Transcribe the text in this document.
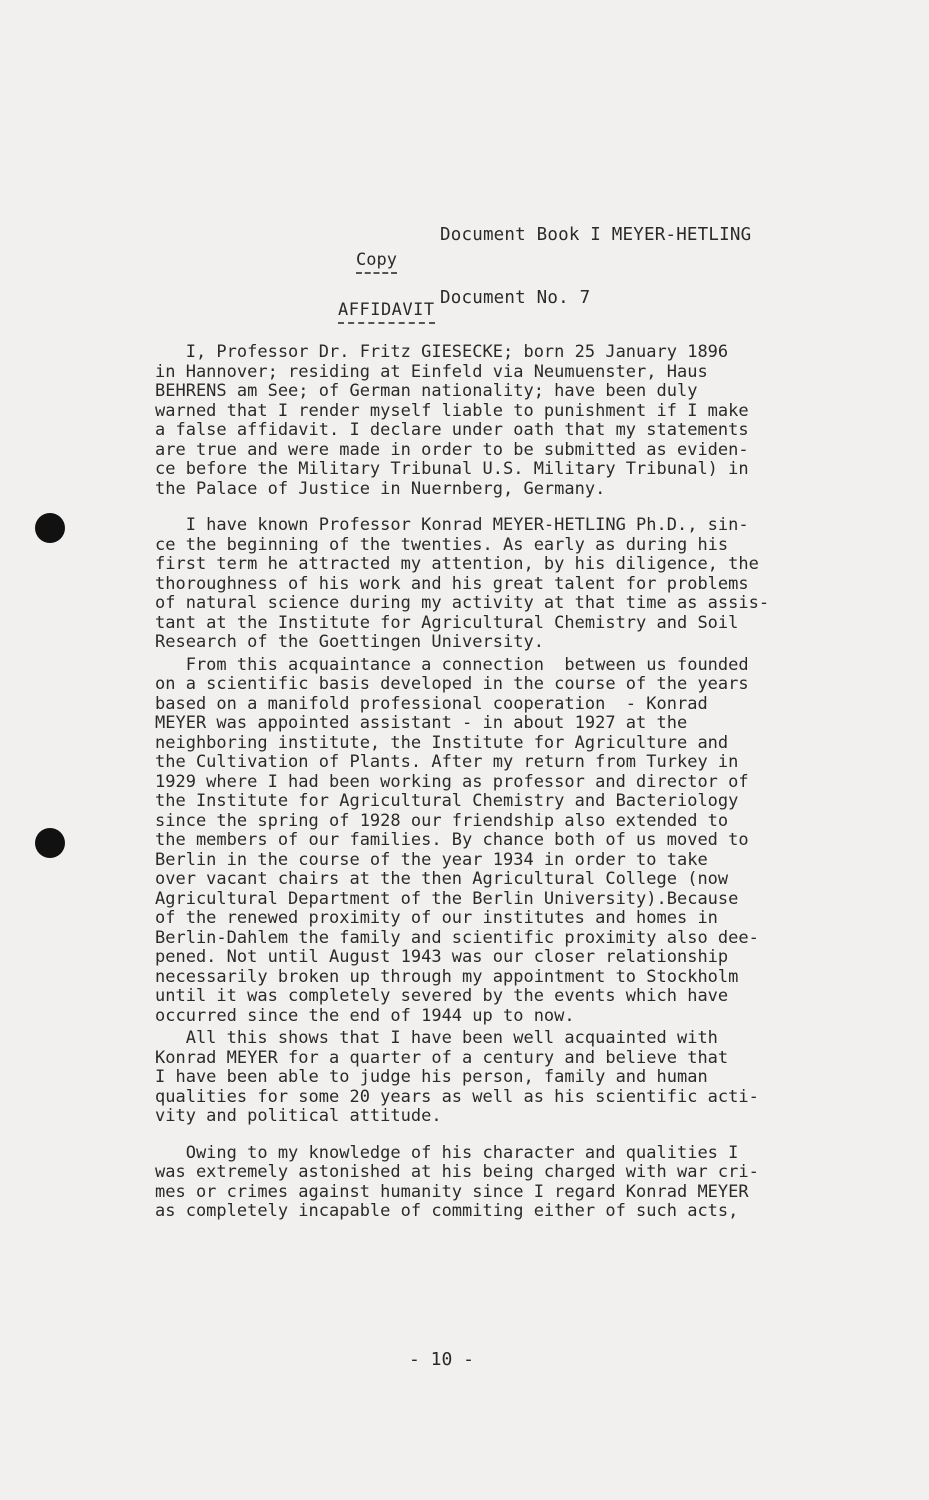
Document Book I MEYER-HETLING

Document No. 7

Copy
AFFIDAVIT
I, Professor Dr. Fritz GIESECKE; born 25 January 1896
in Hannover; residing at Einfeld via Neumuenster, Haus
BEHRENS am See; of German nationality; have been duly
warned that I render myself liable to punishment if I make
a false affidavit. I declare under oath that my statements
are true and were made in order to be submitted as eviden-
ce before the Military Tribunal U.S. Military Tribunal) in
the Palace of Justice in Nuernberg, Germany.
I have known Professor Konrad MEYER-HETLING Ph.D., sin-
ce the beginning of the twenties. As early as during his
first term he attracted my attention, by his diligence, the
thoroughness of his work and his great talent for problems
of natural science during my activity at that time as assis-
tant at the Institute for Agricultural Chemistry and Soil
Research of the Goettingen University.
From this acquaintance a connection  between us founded
on a scientific basis developed in the course of the years
based on a manifold professional cooperation  - Konrad
MEYER was appointed assistant - in about 1927 at the
neighboring institute, the Institute for Agriculture and
the Cultivation of Plants. After my return from Turkey in
1929 where I had been working as professor and director of
the Institute for Agricultural Chemistry and Bacteriology
since the spring of 1928 our friendship also extended to
the members of our families. By chance both of us moved to
Berlin in the course of the year 1934 in order to take
over vacant chairs at the then Agricultural College (now
Agricultural Department of the Berlin University).Because
of the renewed proximity of our institutes and homes in
Berlin-Dahlem the family and scientific proximity also dee-
pened. Not until August 1943 was our closer relationship
necessarily broken up through my appointment to Stockholm
until it was completely severed by the events which have
occurred since the end of 1944 up to now.
All this shows that I have been well acquainted with
Konrad MEYER for a quarter of a century and believe that
I have been able to judge his person, family and human
qualities for some 20 years as well as his scientific acti-
vity and political attitude.
Owing to my knowledge of his character and qualities I
was extremely astonished at his being charged with war cri-
mes or crimes against humanity since I regard Konrad MEYER
as completely incapable of commiting either of such acts,
- 10 -
